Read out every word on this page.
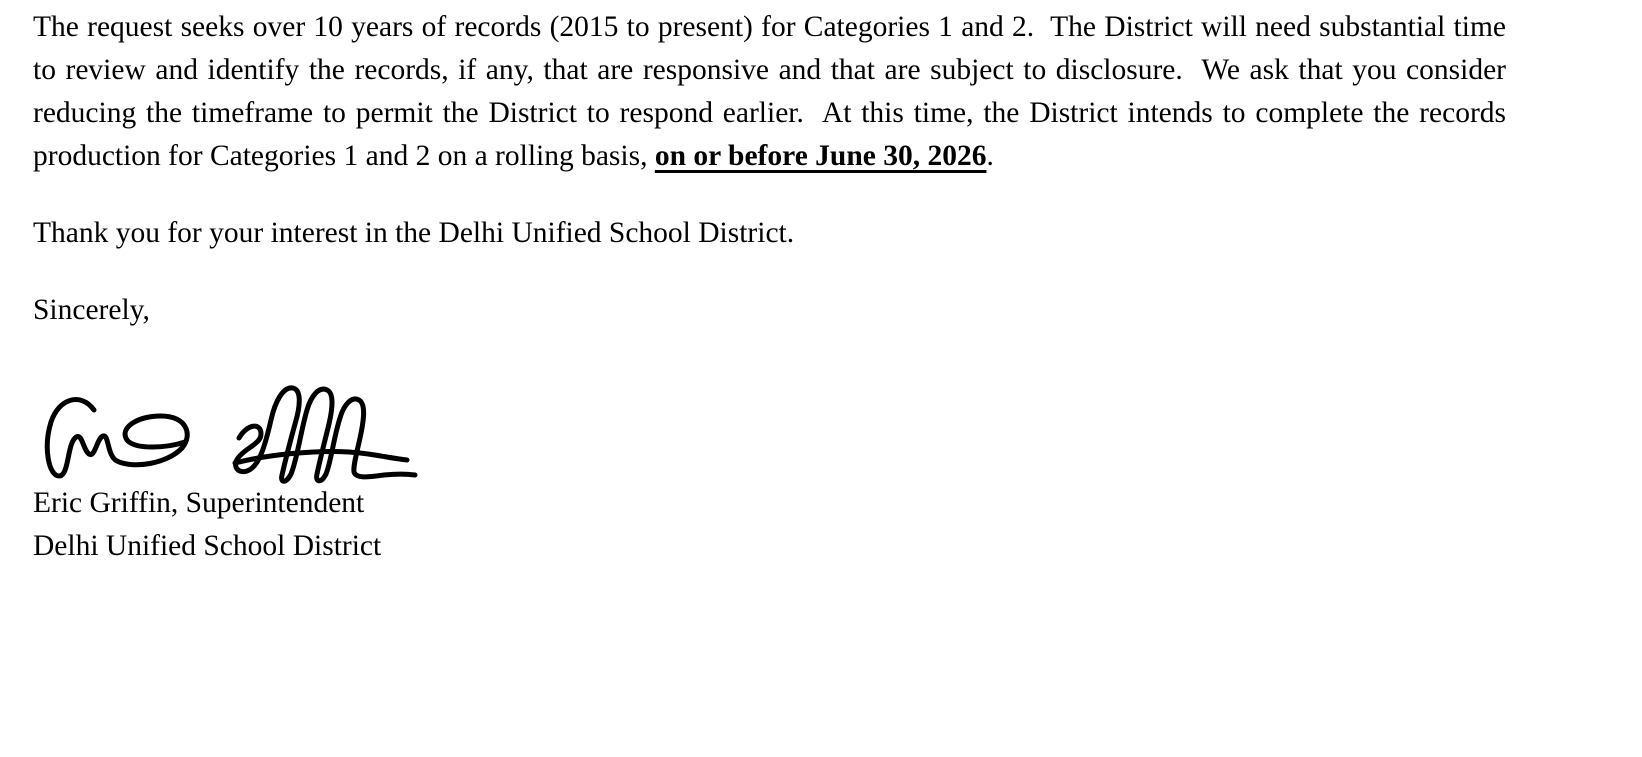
The request seeks over 10 years of records (2015 to present) for Categories 1 and 2.  The District will need substantial time to review and identify the records, if any, that are responsive and that are subject to disclosure.  We ask that you consider reducing the timeframe to permit the District to respond earlier.  At this time, the District intends to complete the records production for Categories 1 and 2 on a rolling basis, on or before June 30, 2026.

Thank you for your interest in the Delhi Unified School District.

Sincerely,

Eric Griffin, Superintendent

Delhi Unified School District
